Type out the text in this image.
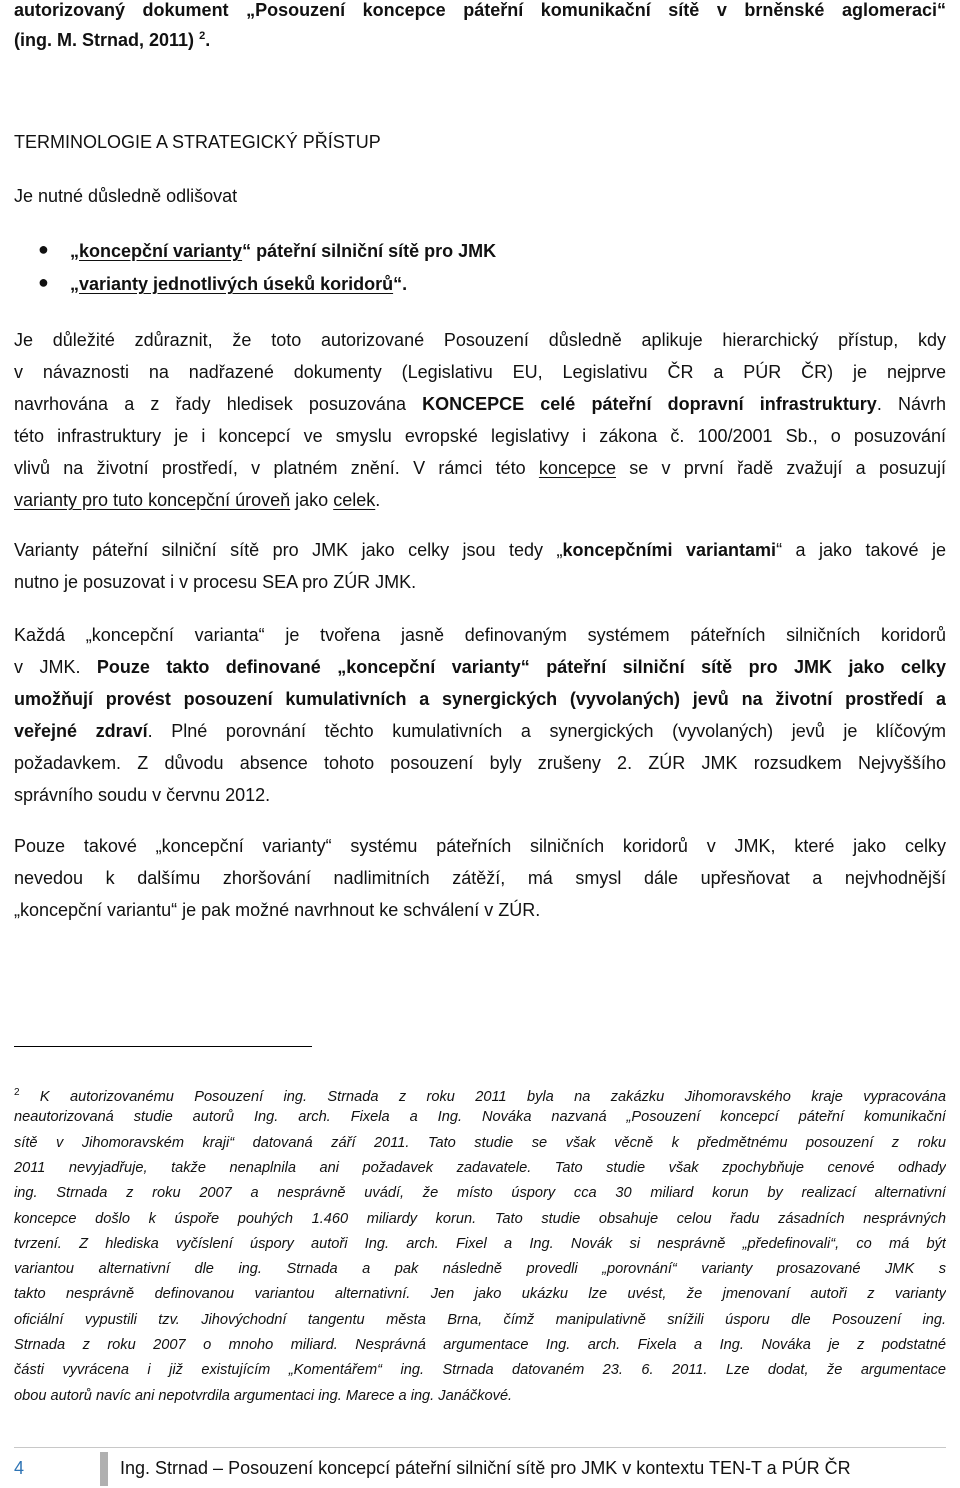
autorizovaný dokument „Posouzení koncepce páteřní komunikační sítě v brněnské aglomeraci“
(ing. M. Strnad, 2011) $^2$.
TERMINOLOGIE A STRATEGICKÝ PŘÍSTUP
Je nutné důsledně odlišovat
● „koncepční varianty“ páteřní silniční sítě pro JMK
● „varianty jednotlivých úseků koridorů“.
Je důležité zdůraznit, že toto autorizované Posouzení důsledně aplikuje hierarchický přístup, kdy
v návaznosti na nadřazené dokumenty (Legislativu EU, Legislativu ČR a PÚR ČR) je nejprve
navrhována a z řady hledisek posuzována KONCEPCE celé páteřní dopravní infrastruktury. Návrh
této infrastruktury je i koncepcí ve smyslu evropské legislativy i zákona č. 100/2001 Sb., o posuzování
vlivů na životní prostředí, v platném znění. V rámci této koncepce se v první řadě zvažují a posuzují
varianty pro tuto koncepční úroveň jako celek.
Varianty páteřní silniční sítě pro JMK jako celky jsou tedy „koncepčními variantami“ a jako takové je
nutno je posuzovat i v procesu SEA pro ZÚR JMK.
Každá „koncepční varianta“ je tvořena jasně definovaným systémem páteřních silničních koridorů
v JMK. Pouze takto definované „koncepční varianty“ páteřní silniční sítě pro JMK jako celky
umožňují provést posouzení kumulativních a synergických (vyvolaných) jevů na životní prostředí a
veřejné zdraví. Plné porovnání těchto kumulativních a synergických (vyvolaných) jevů je klíčovým
požadavkem. Z důvodu absence tohoto posouzení byly zrušeny 2. ZÚR JMK rozsudkem Nejvyššího
správního soudu v červnu 2012.
Pouze takové „koncepční varianty“ systému páteřních silničních koridorů v JMK, které jako celky
nevedou k dalšímu zhoršování nadlimitních zátěží, má smysl dále upřesňovat a nejvhodnější
„koncepční variantu“ je pak možné navrhnout ke schválení v ZÚR.
$^2$ K autorizovanému Posouzení ing. Strnada z roku 2011 byla na zakázku Jihomoravského kraje vypracována
neautorizovaná studie autorů Ing. arch. Fixela a Ing. Nováka nazvaná „Posouzení koncepcí páteřní komunikační
sítě v Jihomoravském kraji“ datovaná září 2011. Tato studie se však věcně k předmětnému posouzení z roku
2011 nevyjadřuje, takže nenaplnila ani požadavek zadavatele. Tato studie však zpochybňuje cenové odhady
ing. Strnada z roku 2007 a nesprávně uvádí, že místo úspory cca 30 miliard korun by realizací alternativní
koncepce došlo k úspoře pouhých 1.460 miliardy korun. Tato studie obsahuje celou řadu zásadních nesprávných
tvrzení. Z hlediska vyčíslení úspory autoři Ing. arch. Fixel a Ing. Novák si nesprávně „předefinovali“, co má být
variantou alternativní dle ing. Strnada a pak následně provedli „porovnání“ varianty prosazované JMK s
takto nesprávně definovanou variantou alternativní. Jen jako ukázku lze uvést, že jmenovaní autoři z varianty
oficiální vypustili tzv. Jihovýchodní tangentu města Brna, čímž manipulativně snížili úsporu dle Posouzení ing.
Strnada z roku 2007 o mnoho miliard. Nesprávná argumentace Ing. arch. Fixela a Ing. Nováka je z podstatné
části vyvrácena i již existujícím „Komentářem“ ing. Strnada datovaném 23. 6. 2011. Lze dodat, že argumentace
obou autorů navíc ani nepotvrdila argumentaci ing. Marece a ing. Janáčkové.
4	Ing. Strnad – Posouzení koncepcí páteřní silniční sítě pro JMK v kontextu TEN-T a PÚR ČR
